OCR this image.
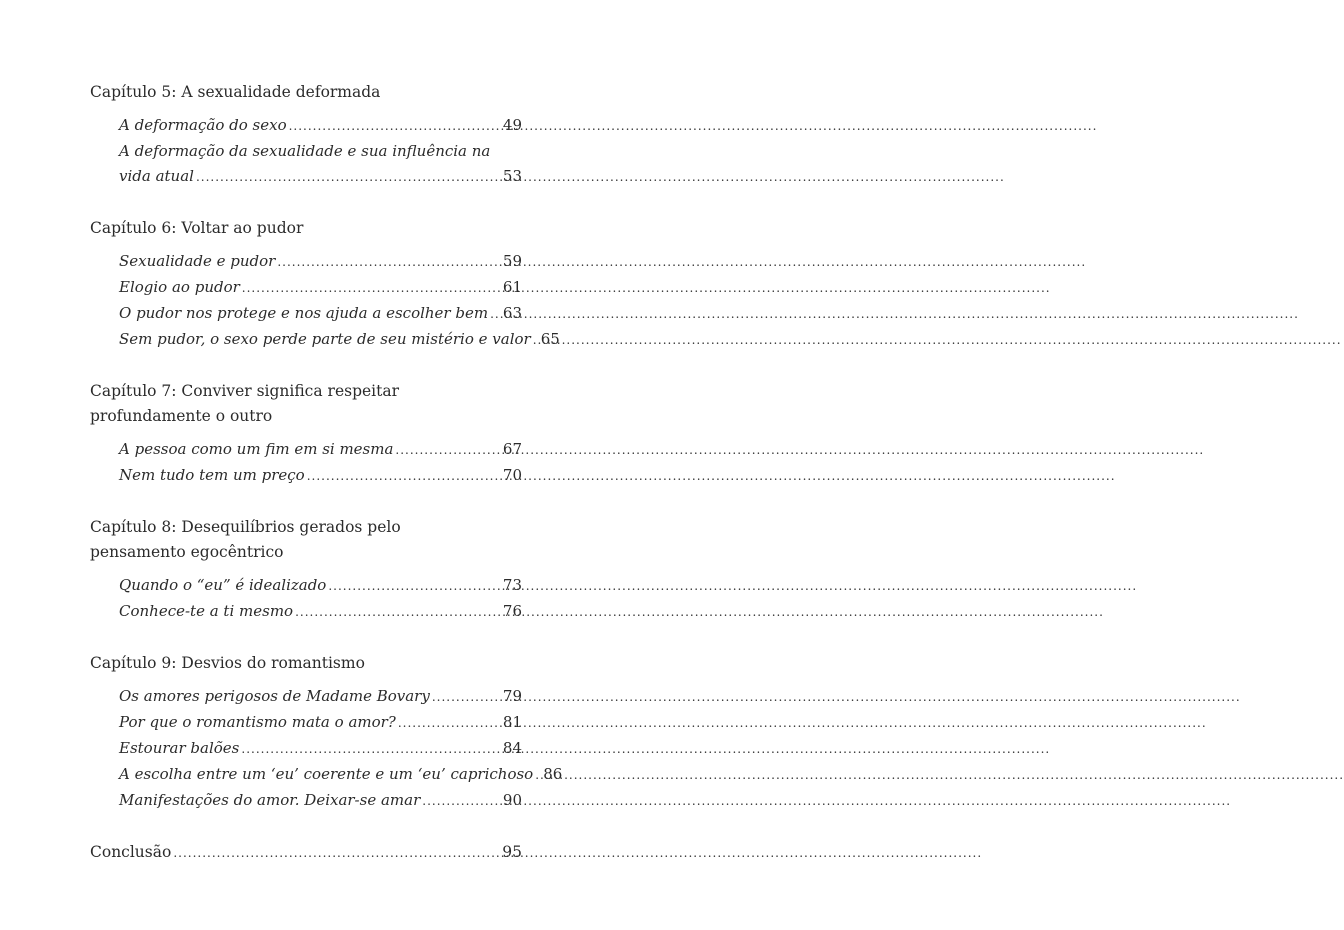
Capítulo 5: A sexualidade deformada
A deformação do sexo .....	49
A deformação da sexualidade e sua influência na
vida atual .....	53
Capítulo 6: Voltar ao pudor
Sexualidade e pudor .....	59
Elogio ao pudor .....	61
O pudor nos protege e nos ajuda a escolher bem ..... 63
Sem pudor, o sexo perde parte de seu mistério e valor ..... 65
Capítulo 7: Conviver significa respeitar
profundamente o outro
A pessoa como um fim em si mesma .....	67
Nem tudo tem um preço .....	70
Capítulo 8: Desequilíbrios gerados pelo
pensamento egocêntrico
Quando o “eu” é idealizado .....	73
Conhece-te a ti mesmo .....	76
Capítulo 9: Desvios do romantismo
Os amores perigosos de Madame Bovary .....	79
Por que o romantismo mata o amor? .....	81
Estourar balões .....	84
A escolha entre um ‘eu’ coerente e um ‘eu’ caprichoso ..... 86
Manifestações do amor. Deixar-se amar .....	90
Conclusão .....	95
